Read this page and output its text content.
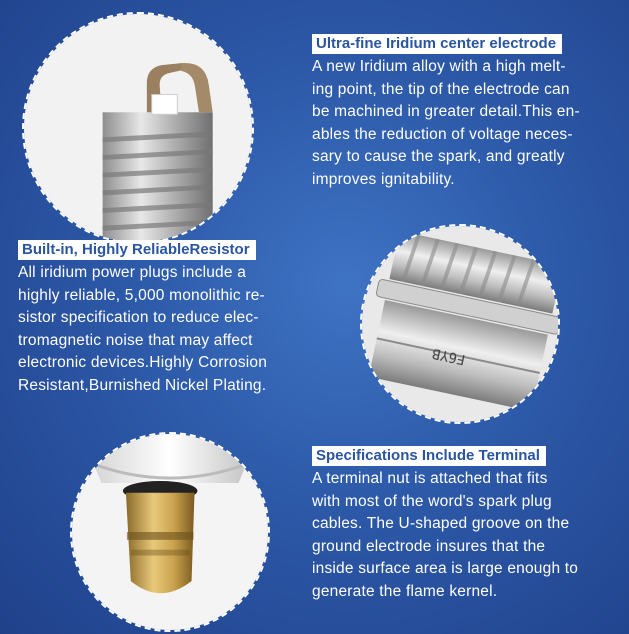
F6YB
Ultra-fine Iridium center electrode
A new Iridium alloy with a high melt-
ing point, the tip of the electrode can
be machined in greater detail.This en-
ables the reduction of voltage neces-
sary to cause the spark, and greatly
improves ignitability.
Built-in, Highly ReliableResistor
All iridium power plugs include a
highly reliable, 5,000 monolithic re-
sistor specification to reduce elec-
tromagnetic noise that may affect
electronic devices.Highly Corrosion
Resistant,Burnished Nickel Plating.
Specifications Include Terminal
A terminal nut is attached that fits
with most of the word's spark plug
cables. The U-shaped groove on the
ground electrode insures that the
inside surface area is large enough to
generate the flame kernel.
